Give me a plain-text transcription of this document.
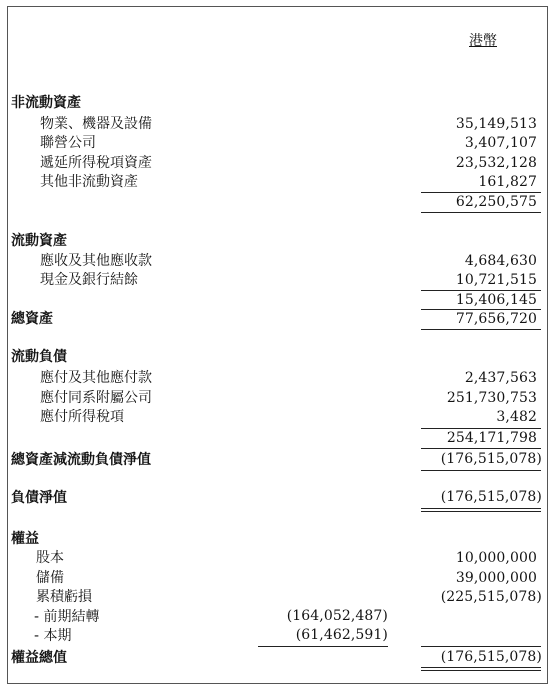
港幣
非流動資產
物業、機器及設備	35,149,513
聯營公司	3,407,107
遞延所得稅項資產	23,532,128
其他非流動資產	161,827
62,250,575
流動資產
應收及其他應收款	4,684,630
現金及銀行結餘	10,721,515
15,406,145
總資產	77,656,720
流動負債
應付及其他應付款	2,437,563
應付同系附屬公司	251,730,753
應付所得稅項	3,482
254,171,798
總資產減流動負債淨值	(176,515,078)
負債淨值	(176,515,078)
權益
股本	10,000,000
儲備	39,000,000
累積虧損	(225,515,078)
- 前期結轉	(164,052,487)
- 本期	(61,462,591)
權益總值	(176,515,078)
